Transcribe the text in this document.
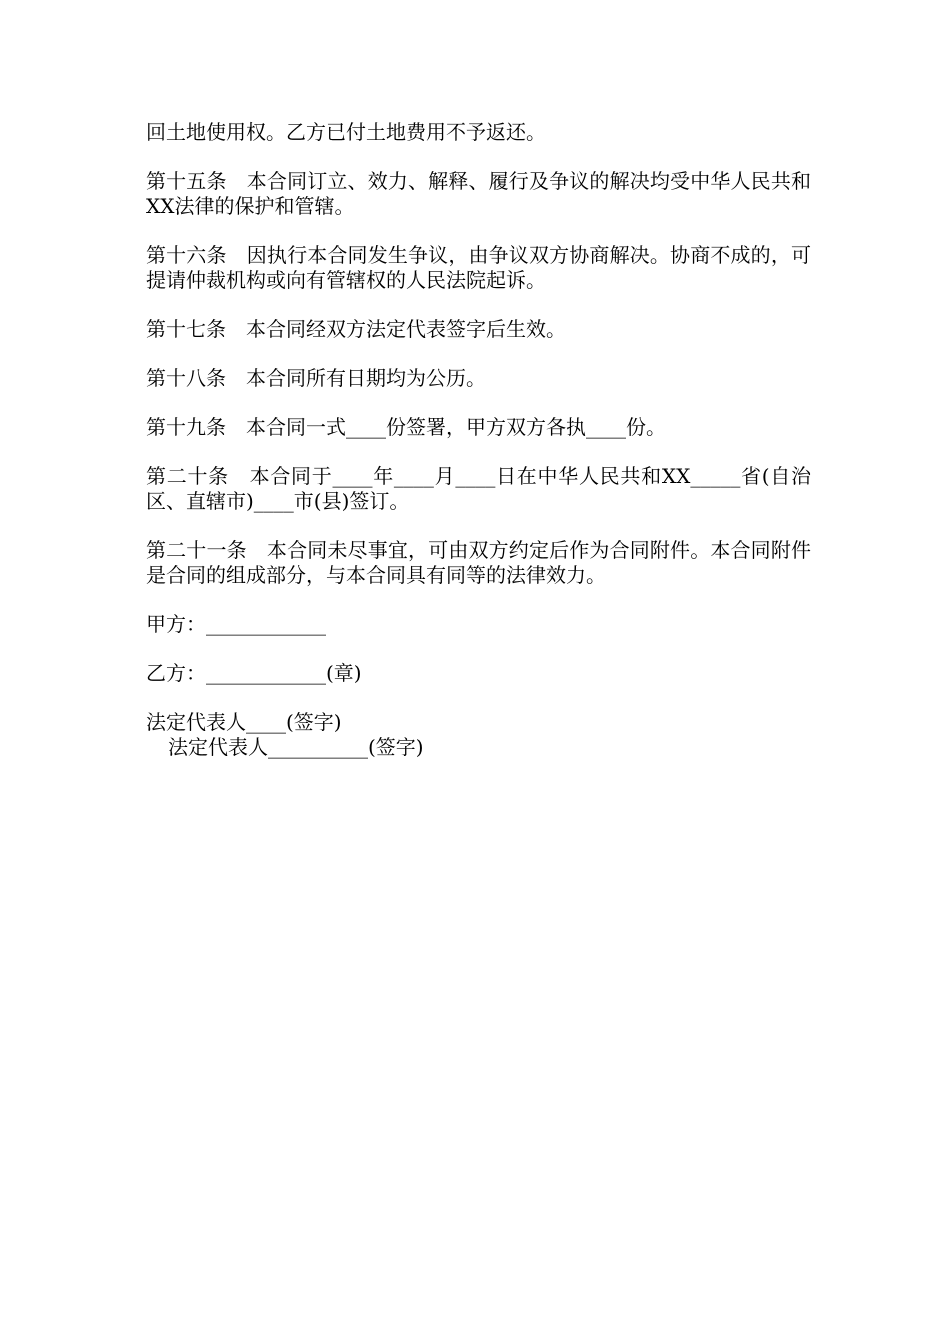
回土地使用权。乙方已付土地费用不予返还。

第十五条　本合同订立、效力、解释、履行及争议的解决均受中华人民共和XX法律的保护和管辖。

第十六条　因执行本合同发生争议，由争议双方协商解决。协商不成的，可提请仲裁机构或向有管辖权的人民法院起诉。

第十七条　本合同经双方法定代表签字后生效。

第十八条　本合同所有日期均为公历。

第十九条　本合同一式____份签署，甲方双方各执____份。

第二十条　本合同于____年____月____日在中华人民共和XX_____省(自治区、直辖市)____市(县)签订。

第二十一条　本合同未尽事宜，可由双方约定后作为合同附件。本合同附件是合同的组成部分，与本合同具有同等的法律效力。

甲方：____________

乙方：____________(章)

法定代表人____(签字)

法定代表人__________(签字)
